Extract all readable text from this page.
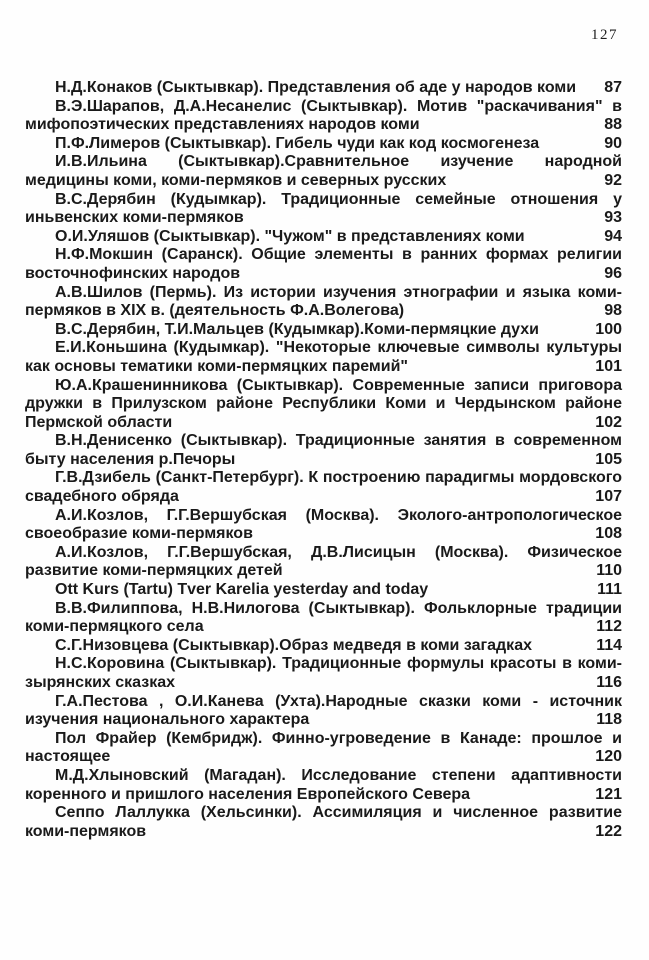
127

Н.Д.Конаков (Сыктывкар). Представления об аде у народов коми 87

В.Э.Шарапов, Д.А.Несанелис (Сыктывкар). Мотив "раскачивания" в мифопоэтических представлениях народов коми	88

П.Ф.Лимеров (Сыктывкар). Гибель чуди как код космогенеза	90

И.В.Ильина (Сыктывкар).Сравнительное изучение народной медицины коми, коми-пермяков и северных русских	92

В.С.Дерябин (Кудымкар). Традиционные семейные отношения у иньвенских коми-пермяков	93

О.И.Уляшов (Сыктывкар). "Чужом" в представлениях коми	94

Н.Ф.Мокшин (Саранск). Общие элементы в ранних формах религии восточнофинских народов	96

А.В.Шилов (Пермь). Из истории изучения этнографии и языка коми-пермяков в XIX в. (деятельность Ф.А.Волегова)	98

В.С.Дерябин, Т.И.Мальцев (Кудымкар).Коми-пермяцкие духи	100

Е.И.Коньшина (Кудымкар). "Некоторые ключевые символы культуры как основы тематики коми-пермяцких паремий"	101

Ю.А.Крашенинникова (Сыктывкар). Современные записи приговора дружки в Прилузском районе Республики Коми и Чердынском районе Пермской области	102

В.Н.Денисенко (Сыктывкар). Традиционные занятия в современном быту населения р.Печоры	105

Г.В.Дзибель (Санкт-Петербург). К построению парадигмы мордовского свадебного обряда	107

А.И.Козлов, Г.Г.Вершубская (Москва). Эколого-антропологическое своеобразие коми-пермяков	108

А.И.Козлов, Г.Г.Вершубская, Д.В.Лисицын (Москва). Физическое развитие коми-пермяцких детей	110

Ott Kurs (Tartu) Tver Karelia yesterday and today	111

В.В.Филиппова, Н.В.Нилогова (Сыктывкар). Фольклорные традиции коми-пермяцкого села	112

С.Г.Низовцева (Сыктывкар).Образ медведя в коми загадках	114

Н.С.Коровина (Сыктывкар). Традиционные формулы красоты в коми-зырянских сказках	116

Г.А.Пестова , О.И.Канева (Ухта).Народные сказки коми - источник изучения национального характера	118

Пол Фрайер (Кембридж). Финно-угроведение в Канаде: прошлое и настоящее	120

М.Д.Хлыновский (Магадан). Исследование степени адаптивности коренного и пришлого населения Европейского Севера	121

Сеппо Лаллукка (Хельсинки). Ассимиляция и численное развитие коми-пермяков	122
